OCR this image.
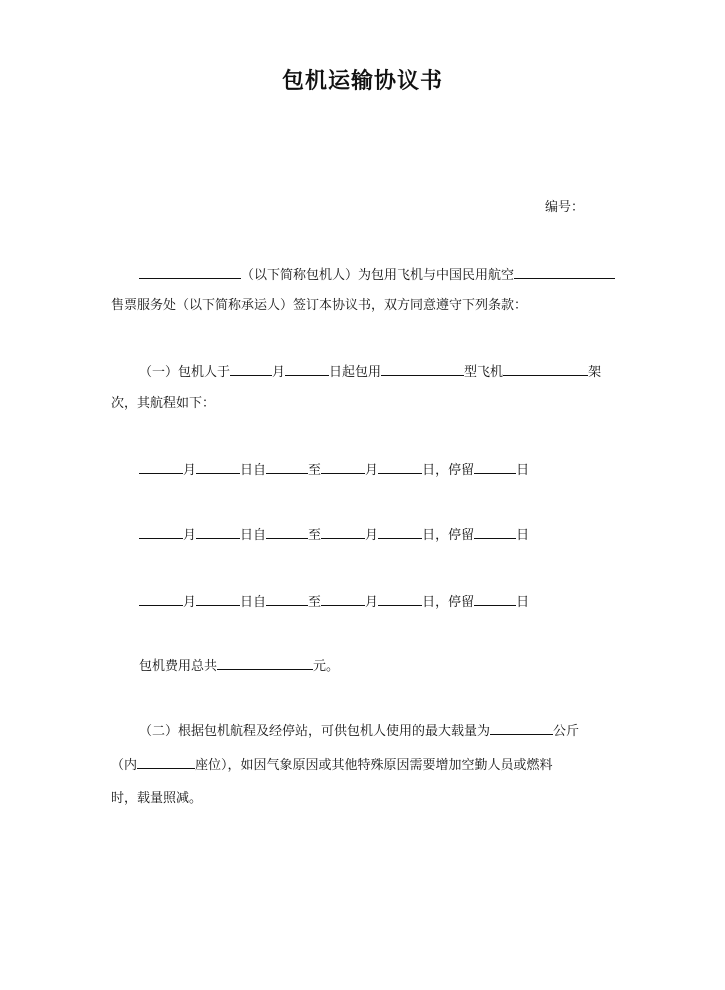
包机运输协议书
编号：
（以下简称包机人）为包用飞机与中国民用航空
售票服务处（以下简称承运人）签订本协议书，双方同意遵守下列条款：
（一）包机人于	月	日起包用	型飞机	架
次，其航程如下：
月	日自	至	月	日，停留	日
月	日自	至	月	日，停留	日
月	日自	至	月	日，停留	日
包机费用总共	元。
（二）根据包机航程及经停站，可供包机人使用的最大载量为	公斤
（内	座位），如因气象原因或其他特殊原因需要增加空勤人员或燃料
时，载量照减。
